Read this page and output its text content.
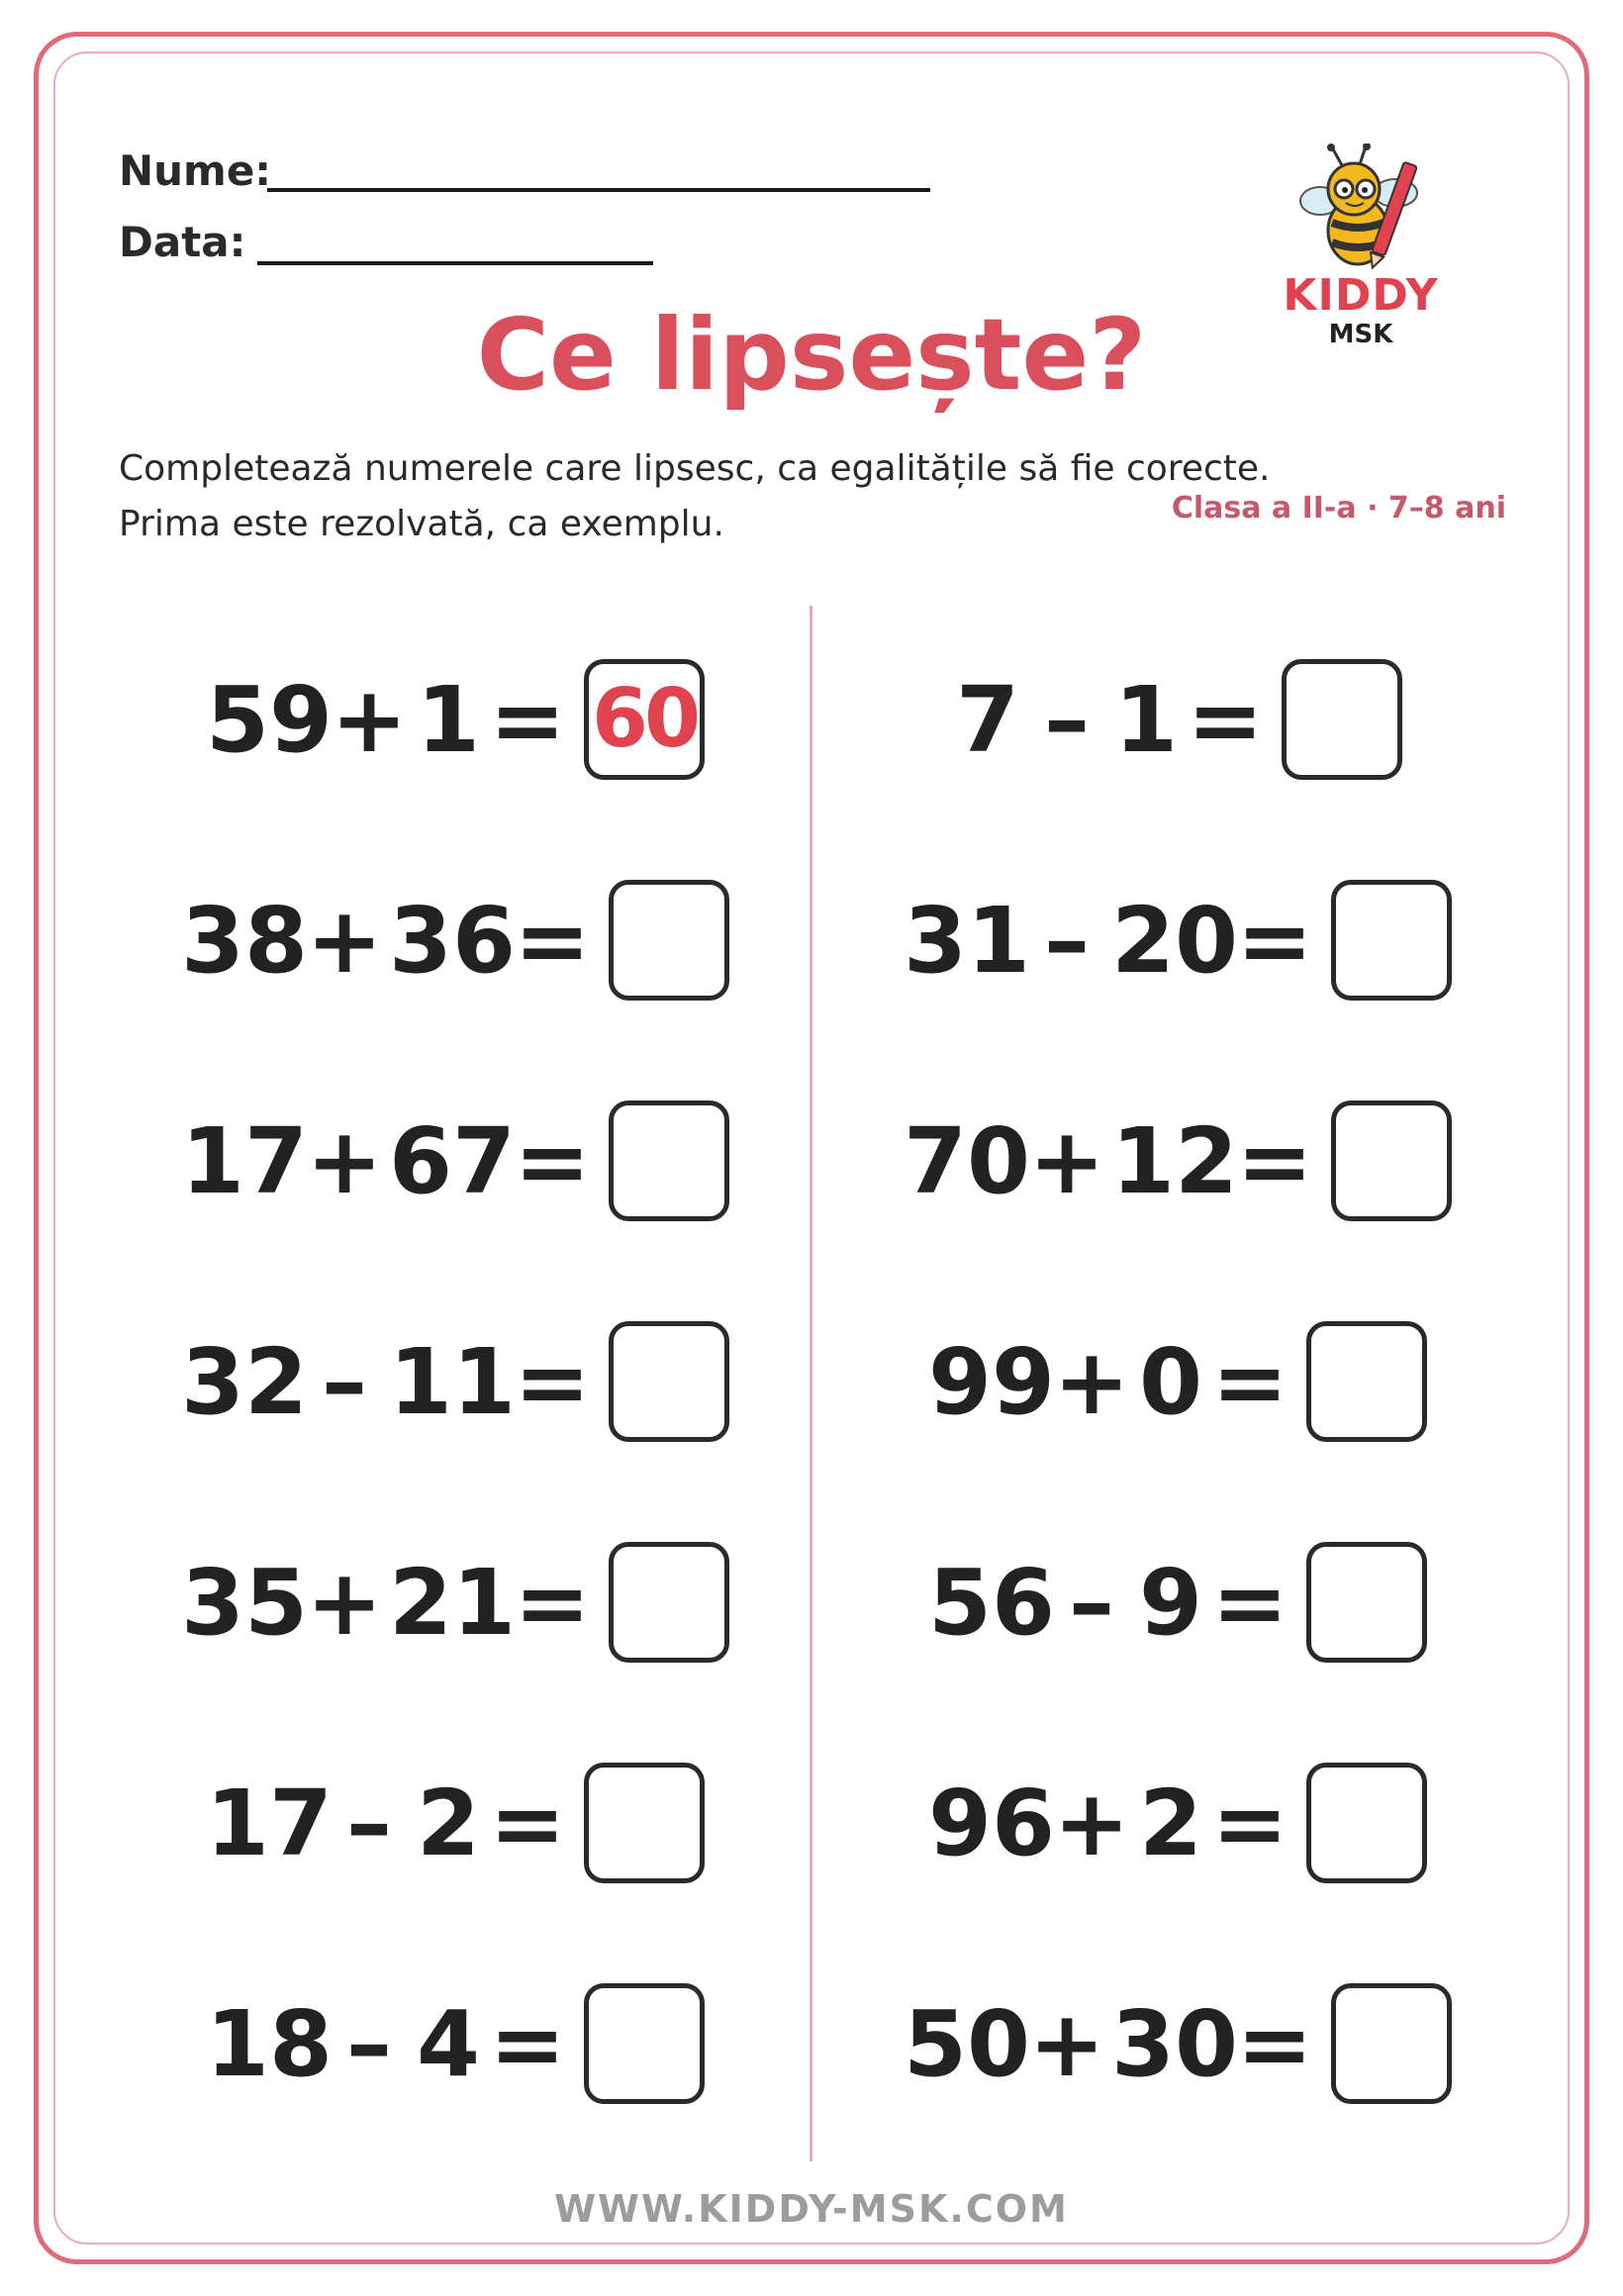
Nume:
Data:
KIDDY
MSK
Ce lipsește?
Completează numerele care lipsesc, ca egalitățile să fie corecte.
Prima este rezolvată, ca exemplu.	Clasa a II-a · 7–8 ani
59
+ 1 = 60
38
+ 36
=
17
+ 67
=
32 – 11
=
35
+ 21
=
17 – 2 =
18 – 4 =
7 – 1 =
31 – 20
=
70
+ 12
=
99
+ 0 =
56 – 9 =
96
+ 2 =
50
+ 30
=
WWW.KIDDY-MSK.COM
